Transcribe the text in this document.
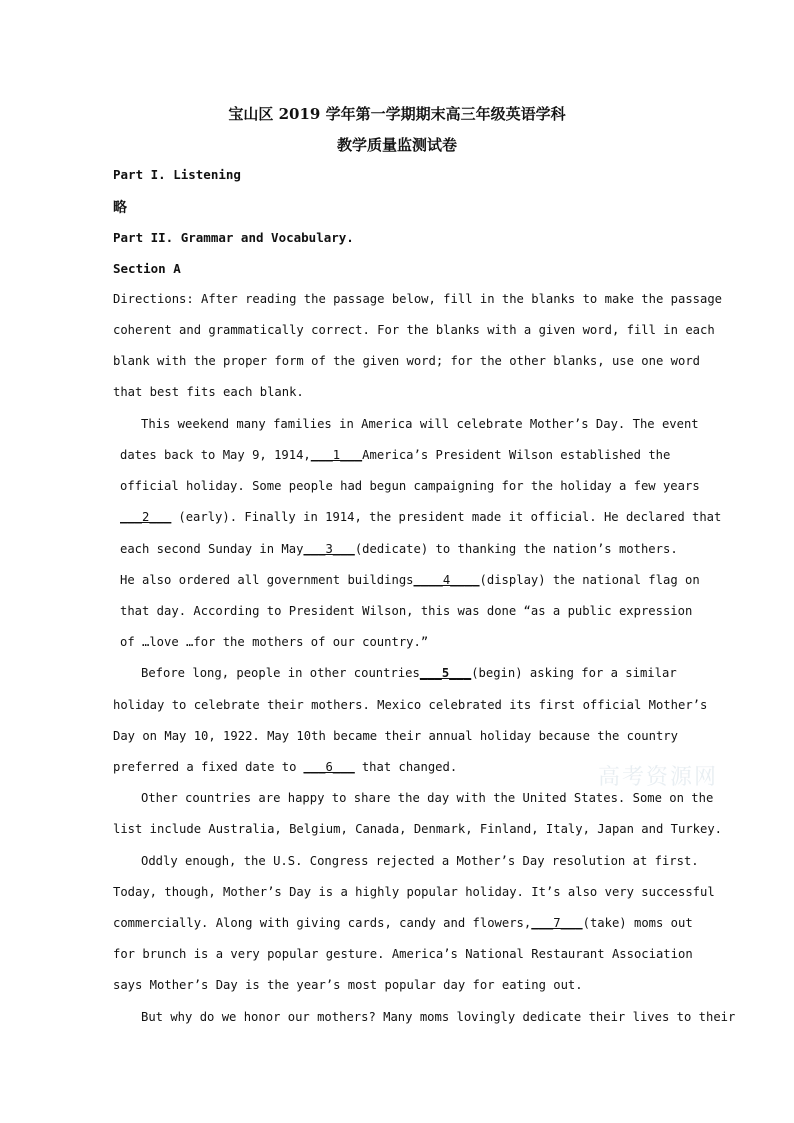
宝山区 2019 学年第一学期期末高三年级英语学科
教学质量监测试卷
Part I. Listening
略
Part II. Grammar and Vocabulary.
Section A
Directions: After reading the passage below, fill in the blanks to make the passage
coherent and grammatically correct. For the blanks with a given word, fill in each
blank with the proper form of the given word; for the other blanks, use one word
that best fits each blank.
This weekend many families in America will celebrate Mother’s Day. The event
dates back to May 9, 1914, ___1___ America’s President Wilson established the
official holiday. Some people had begun campaigning for the holiday a few years
___2___ (early). Finally in 1914, the president made it official. He declared that
each second Sunday in May ___3___ (dedicate) to thanking the nation’s mothers.
He also ordered all government buildings ____4____ (display) the national flag on
that day. According to President Wilson, this was done “as a public expression
of …love …for the mothers of our country.”
Before long, people in other countries ___5___ (begin) asking for a similar
holiday to celebrate their mothers. Mexico celebrated its first official Mother’s
Day on May 10, 1922. May 10th became their annual holiday because the country
preferred a fixed date to ___6___ that changed.
Other countries are happy to share the day with the United States. Some on the
list include Australia, Belgium, Canada, Denmark, Finland, Italy, Japan and Turkey.
Oddly enough, the U.S. Congress rejected a Mother’s Day resolution at first.
Today, though, Mother’s Day is a highly popular holiday. It’s also very successful
commercially. Along with giving cards, candy and flowers, ___7___ (take) moms out
for brunch is a very popular gesture. America’s National Restaurant Association
says Mother’s Day is the year’s most popular day for eating out.
But why do we honor our mothers? Many moms lovingly dedicate their lives to their
高考资源网
